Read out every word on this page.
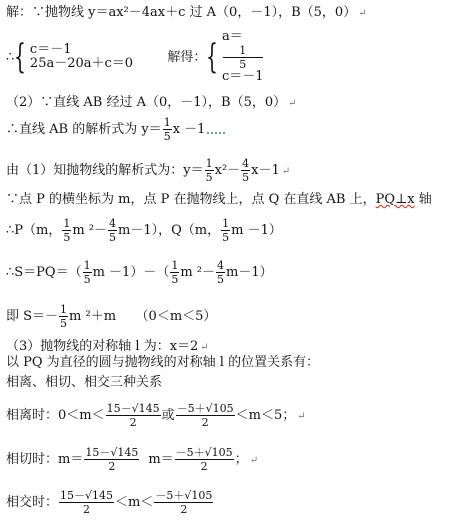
解：∵抛物线 y＝ax²－4ax＋c 过 A（0，－1），B（5，0） ↵
∴{ c＝－1
25a－20a＋c＝0	解得：{
a＝
1
5
c＝－1
（2）∵直线 AB 经过 A（0，－1），B（5，0） ↵
∴直线 AB 的解析式为 $y= \frac{1}{5}$ x －1
由（1）知抛物线的解析式为：$y= \frac{1}{5} x^2- \frac{4}{5} x-1$ ↵
∵点 P 的横坐标为 m，点 P 在抛物线上，点 Q 在直线 AB 上，PQ⊥x 轴
∴P（m， $\frac{1}{5}$ m $^2- \frac{4}{5} m-1$），Q（m， $\frac{1}{5}$ m －1）
∴S＝PQ＝（ $\frac{1}{5}$ $m -1)-( \frac{1}{5}$ m $^2- \frac{4}{5} m-1$）
即 $S=- \frac{1}{5}$ m ²＋m　　（0＜m＜5）
（3）抛物线的对称轴 l 为：x＝2 ↵
以 PQ 为直径的圆与抛物线的对称轴 l 的位置关系有：
相离、相切、相交三种关系
相离时：$0<m< \frac{15-√145}{2}$ 或 $\frac{-5+√105}{2} <m<5$； ↵
相切时：$m= \frac{15-√145}{2} m= \frac{-5+√105}{2}$ ； ↵
相交时： $\frac{15-√145}{2} <m< \frac{-5+√105}{2}$
